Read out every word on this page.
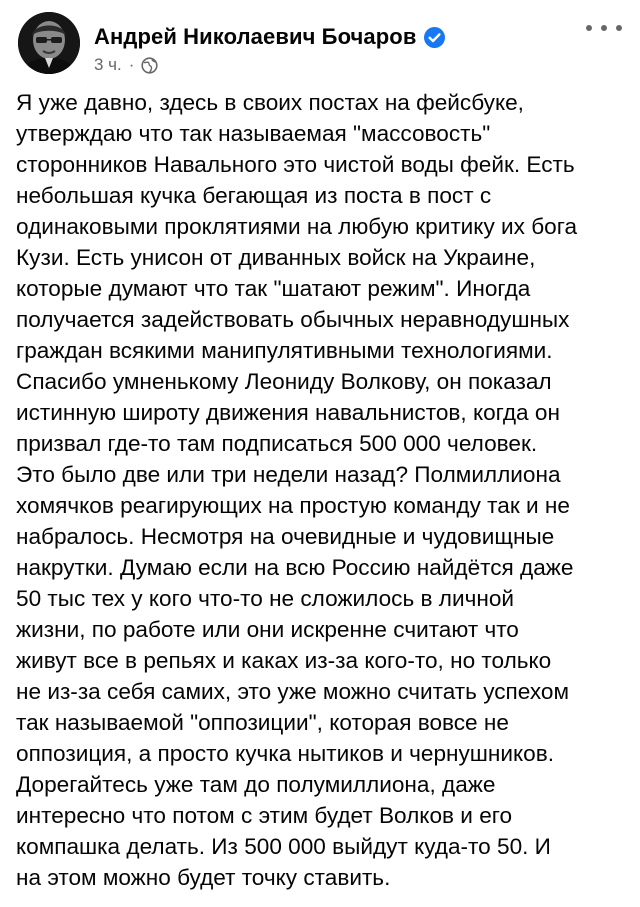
Андрей Николаевич Бочаров
3 ч. ·
Я уже давно, здесь в своих постах на фейсбуке,
утверждаю что так называемая "массовость"
сторонников Навального это чистой воды фейк. Есть
небольшая кучка бегающая из поста в пост с
одинаковыми проклятиями на любую критику их бога
Кузи. Есть унисон от диванных войск на Украине,
которые думают что так "шатают режим". Иногда
получается задействовать обычных неравнодушных
граждан всякими манипулятивными технологиями.
Спасибо умненькому Леониду Волкову, он показал
истинную широту движения навальнистов, когда он
призвал где-то там подписаться 500 000 человек.
Это было две или три недели назад? Полмиллиона
хомячков реагирующих на простую команду так и не
набралось. Несмотря на очевидные и чудовищные
накрутки. Думаю если на всю Россию найдётся даже
50 тыс тех у кого что-то не сложилось в личной
жизни, по работе или они искренне считают что
живут все в репьях и каках из-за кого-то, но только
не из-за себя самих, это уже можно считать успехом
так называемой "оппозиции", которая вовсе не
оппозиция, а просто кучка нытиков и чернушников.
Дорегайтесь уже там до полумиллиона, даже
интересно что потом с этим будет Волков и его
компашка делать. Из 500 000 выйдут куда-то 50. И
на этом можно будет точку ставить.
